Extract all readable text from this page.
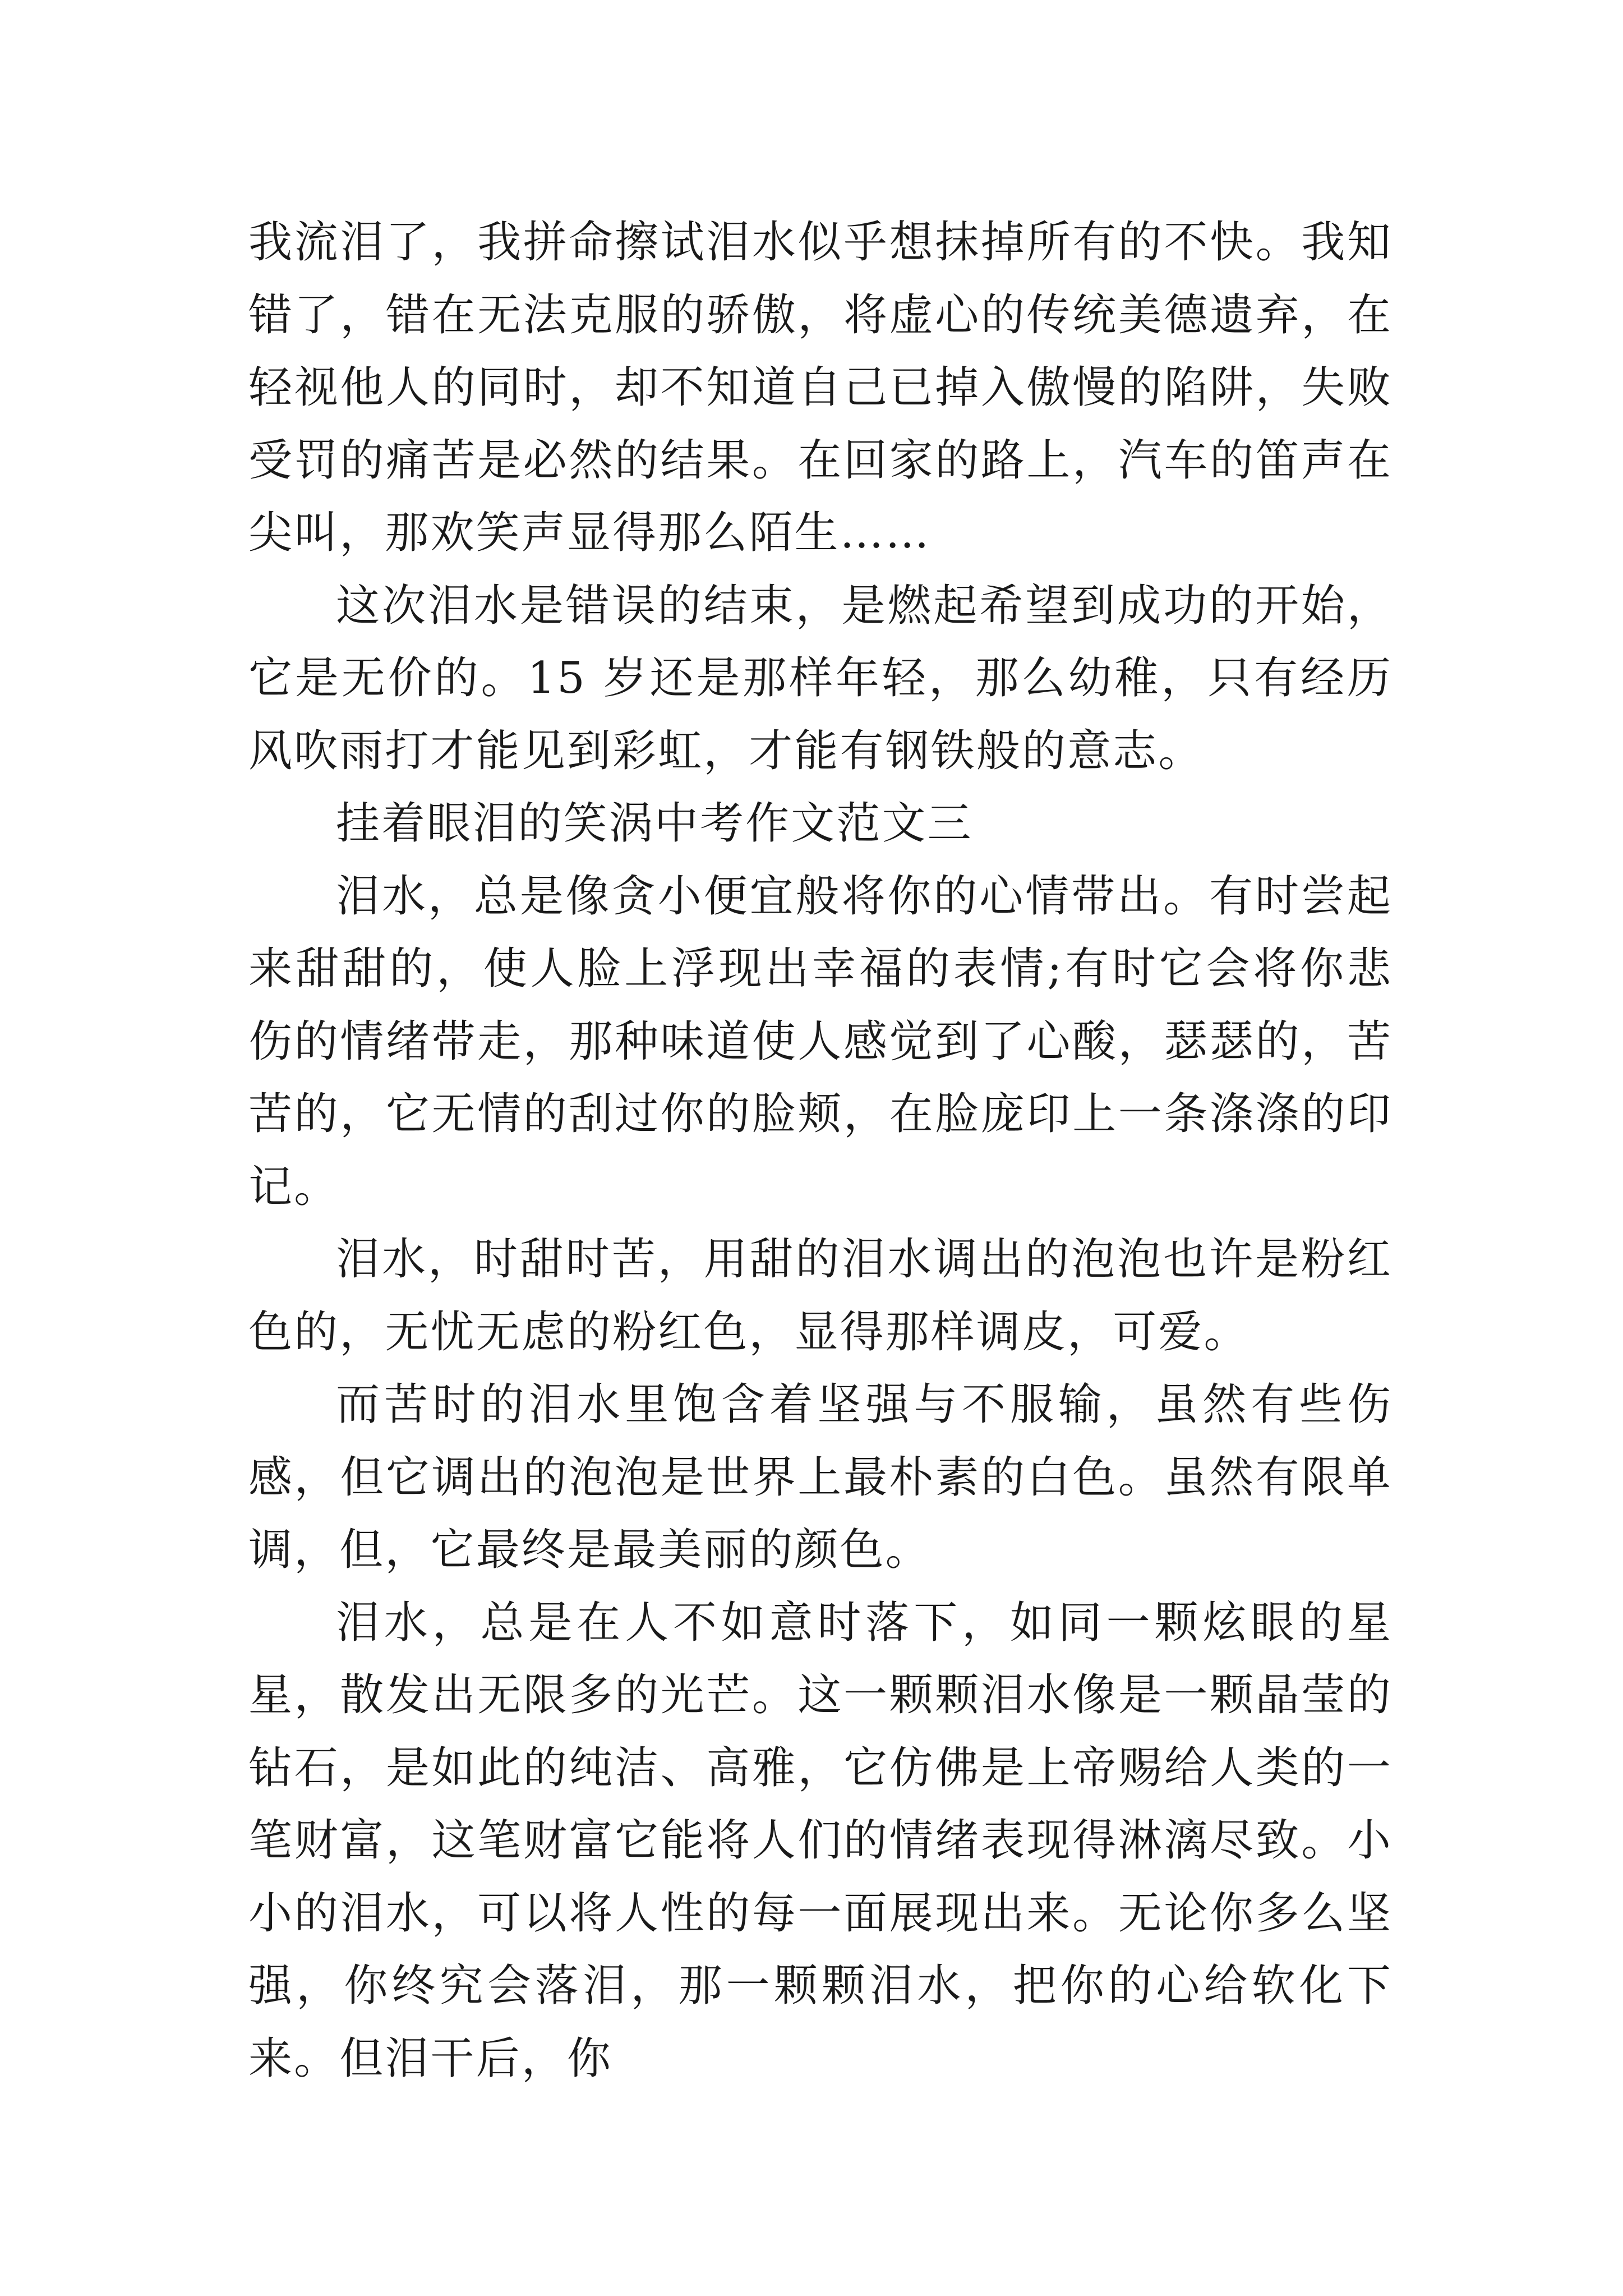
我流泪了，我拼命擦试泪水似乎想抹掉所有的不快。我知错了，错在无法克服的骄傲，将虚心的传统美德遗弃，在轻视他人的同时，却不知道自己已掉入傲慢的陷阱，失败受罚的痛苦是必然的结果。在回家的路上，汽车的笛声在尖叫，那欢笑声显得那么陌生……

这次泪水是错误的结束，是燃起希望到成功的开始，它是无价的。15 岁还是那样年轻，那么幼稚，只有经历风吹雨打才能见到彩虹，才能有钢铁般的意志。

挂着眼泪的笑涡中考作文范文三

泪水，总是像贪小便宜般将你的心情带出。有时尝起来甜甜的，使人脸上浮现出幸福的表情;有时它会将你悲伤的情绪带走，那种味道使人感觉到了心酸，瑟瑟的，苦苦的，它无情的刮过你的脸颊，在脸庞印上一条涤涤的印记。

泪水，时甜时苦，用甜的泪水调出的泡泡也许是粉红色的，无忧无虑的粉红色，显得那样调皮，可爱。

而苦时的泪水里饱含着坚强与不服输，虽然有些伤感，但它调出的泡泡是世界上最朴素的白色。虽然有限单调，但，它最终是最美丽的颜色。

泪水，总是在人不如意时落下，如同一颗炫眼的星星，散发出无限多的光芒。这一颗颗泪水像是一颗晶莹的钻石，是如此的纯洁、高雅，它仿佛是上帝赐给人类的一笔财富，这笔财富它能将人们的情绪表现得淋漓尽致。小小的泪水，可以将人性的每一面展现出来。无论你多么坚强，你终究会落泪，那一颗颗泪水，把你的心给软化下来。但泪干后，你
